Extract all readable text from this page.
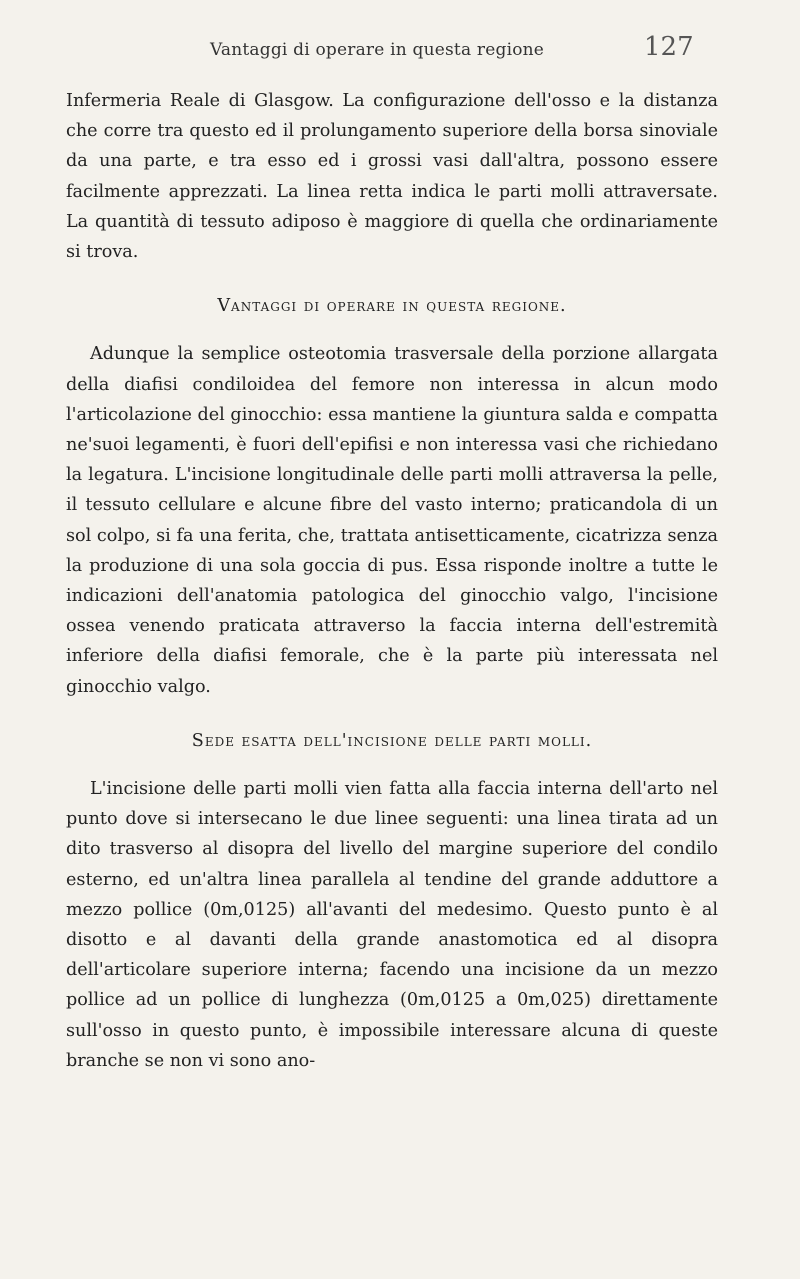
Vantaggi di operare in questa regione	127

Infermeria Reale di Glasgow. La configurazione dell'osso e la distanza che corre tra questo ed il prolungamento superiore della borsa sinoviale da una parte, e tra esso ed i grossi vasi dall'altra, possono essere facilmente apprezzati. La linea retta indica le parti molli attraversate. La quantità di tessuto adiposo è maggiore di quella che ordinariamente si trova.

Vantaggi di operare in questa regione.

Adunque la semplice osteotomia trasversale della porzione allargata della diafisi condiloidea del femore non interessa in alcun modo l'articolazione del ginocchio: essa mantiene la giuntura salda e compatta ne'suoi legamenti, è fuori dell'epifisi e non interessa vasi che richiedano la legatura. L'incisione longitudinale delle parti molli attraversa la pelle, il tessuto cellulare e alcune fibre del vasto interno; praticandola di un sol colpo, si fa una ferita, che, trattata antisetticamente, cicatrizza senza la produzione di una sola goccia di pus. Essa risponde inoltre a tutte le indicazioni dell'anatomia patologica del ginocchio valgo, l'incisione ossea venendo praticata attraverso la faccia interna dell'estremità inferiore della diafisi femorale, che è la parte più interessata nel ginocchio valgo.

Sede esatta dell'incisione delle parti molli.

L'incisione delle parti molli vien fatta alla faccia interna dell'arto nel punto dove si intersecano le due linee seguenti: una linea tirata ad un dito trasverso al disopra del livello del margine superiore del condilo esterno, ed un'altra linea parallela al tendine del grande adduttore a mezzo pollice (0m,0125) all'avanti del medesimo. Questo punto è al disotto e al davanti della grande anastomotica ed al disopra dell'articolare superiore interna; facendo una incisione da un mezzo pollice ad un pollice di lunghezza (0m,0125 a 0m,025) direttamente sull'osso in questo punto, è impossibile interessare alcuna di queste branche se non vi sono ano-
